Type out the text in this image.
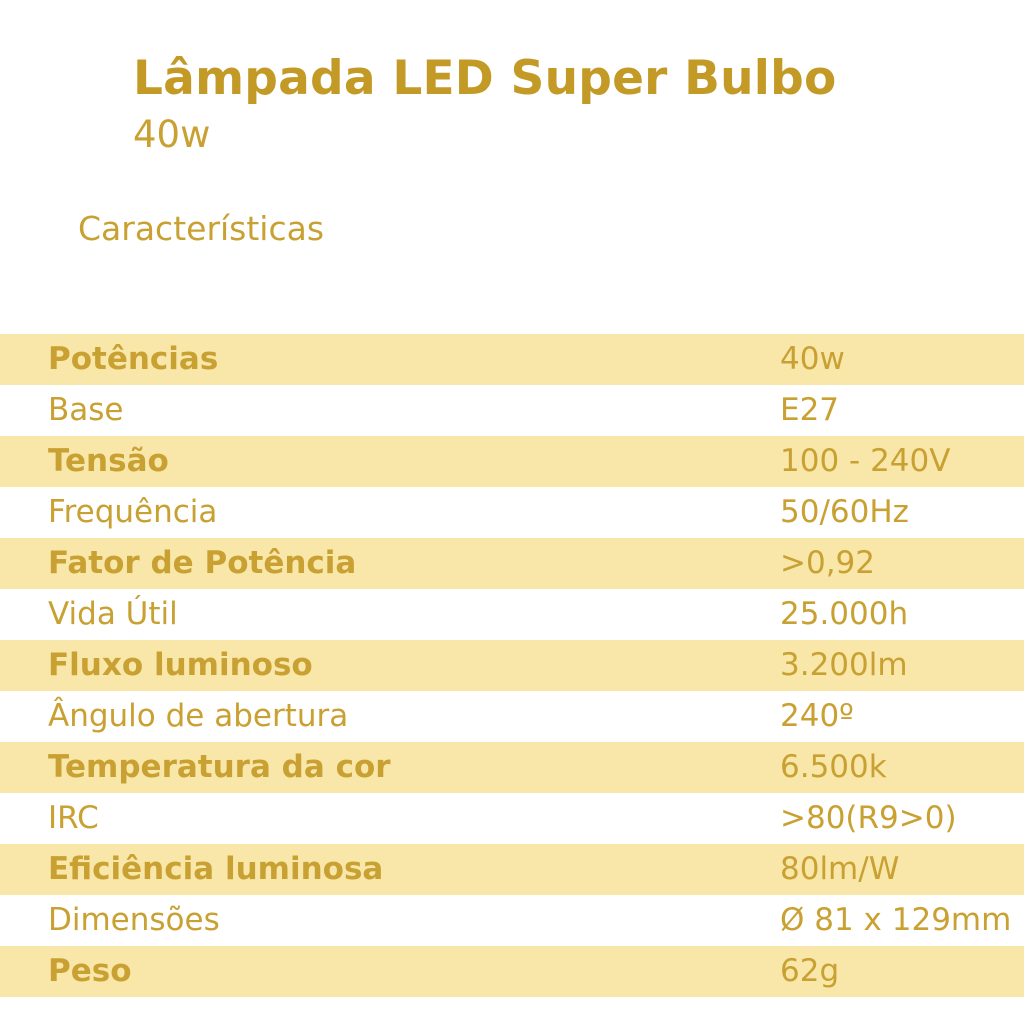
Lâmpada LED Super Bulbo
40w
Características
Potências	40w
Base	E27
Tensão	100 - 240V
Frequência	50/60Hz
Fator de Potência	>0,92
Vida Útil	25.000h
Fluxo luminoso	3.200lm
Ângulo de abertura	240º
Temperatura da cor	6.500k
IRC	>80(R9>0)
Eficiência luminosa	80lm/W
Dimensões	Ø 81 x 129mm
Peso	62g
